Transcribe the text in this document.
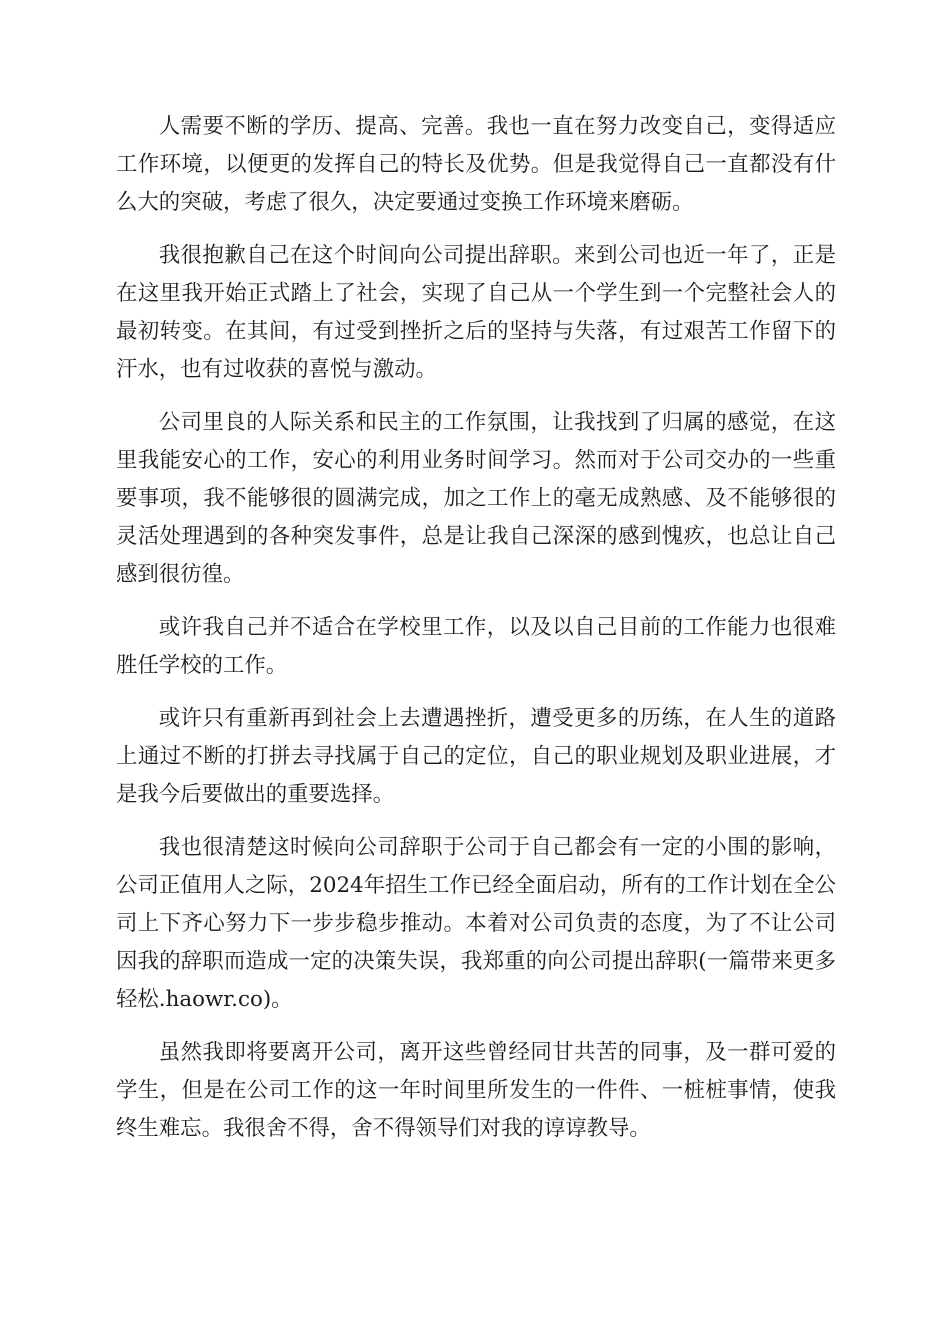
人需要不断的学历、提高、完善。我也一直在努力改变自己，变得适应工作环境，以便更的发挥自己的特长及优势。但是我觉得自己一直都没有什么大的突破，考虑了很久，决定要通过变换工作环境来磨砺。

我很抱歉自己在这个时间向公司提出辞职。来到公司也近一年了，正是在这里我开始正式踏上了社会，实现了自己从一个学生到一个完整社会人的最初转变。在其间，有过受到挫折之后的坚持与失落，有过艰苦工作留下的汗水，也有过收获的喜悦与激动。

公司里良的人际关系和民主的工作氛围，让我找到了归属的感觉，在这里我能安心的工作，安心的利用业务时间学习。然而对于公司交办的一些重要事项，我不能够很的圆满完成，加之工作上的毫无成熟感、及不能够很的灵活处理遇到的各种突发事件，总是让我自己深深的感到愧疚，也总让自己感到很彷徨。

或许我自己并不适合在学校里工作，以及以自己目前的工作能力也很难胜任学校的工作。

或许只有重新再到社会上去遭遇挫折，遭受更多的历练，在人生的道路上通过不断的打拼去寻找属于自己的定位，自己的职业规划及职业进展，才是我今后要做出的重要选择。

我也很清楚这时候向公司辞职于公司于自己都会有一定的小围的影响，公司正值用人之际，2024年招生工作已经全面启动，所有的工作计划在全公司上下齐心努力下一步步稳步推动。本着对公司负责的态度，为了不让公司因我的辞职而造成一定的决策失误，我郑重的向公司提出辞职(一篇带来更多轻松.haowr.co)。

虽然我即将要离开公司，离开这些曾经同甘共苦的同事，及一群可爱的学生，但是在公司工作的这一年时间里所发生的一件件、一桩桩事情，使我终生难忘。我很舍不得，舍不得领导们对我的谆谆教导。
